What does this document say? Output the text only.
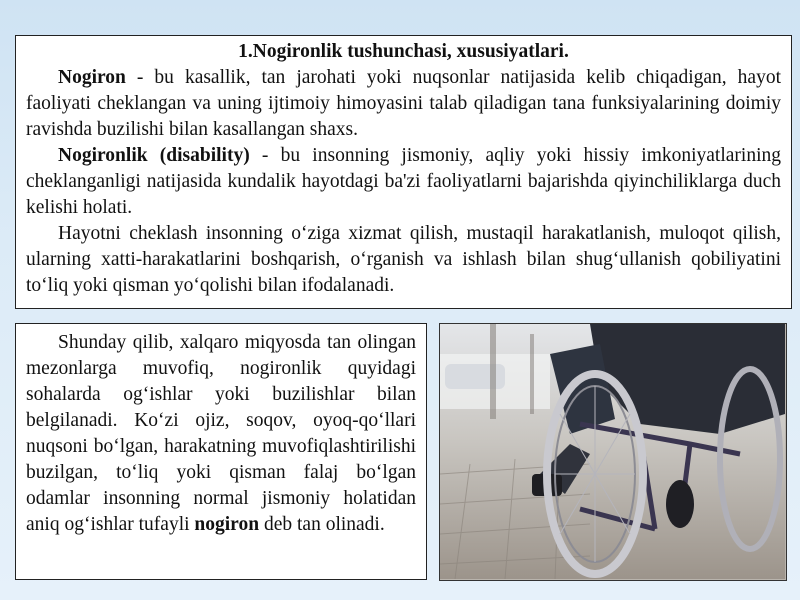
1.Nogironlik tushunchasi, xususiyatlari.

Nogiron - bu kasallik, tan jarohati yoki nuqsonlar natijasida kelib chiqadigan, hayot faoliyati cheklangan va uning ijtimoiy himoyasini talab qiladigan tana funksiyalarining doimiy ravishda buzilishi bilan kasallangan shaxs.

Nogironlik (disability) - bu insonning jismoniy, aqliy yoki hissiy imkoniyatlarining cheklanganligi natijasida kundalik hayotdagi ba'zi faoliyatlarni bajarishda qiyinchiliklarga duch kelishi holati.

Hayotni cheklash insonning o‘ziga xizmat qilish, mustaqil harakatlanish, muloqot qilish, ularning xatti-harakatlarini boshqarish, o‘rganish va ishlash bilan shug‘ullanish qobiliyatini to‘liq yoki qisman yo‘qolishi bilan ifodalanadi.

Shunday qilib, xalqaro miqyosda tan olingan mezonlarga muvofiq, nogironlik quyidagi sohalarda og‘ishlar yoki buzilishlar bilan belgilanadi. Ko‘zi ojiz, soqov, oyoq-qo‘llari nuqsoni bo‘lgan, harakatning muvofiqlashtirilishi buzilgan, to‘liq yoki qisman falaj bo‘lgan odamlar insonning normal jismoniy holatidan aniq og‘ishlar tufayli nogiron deb tan olinadi.
